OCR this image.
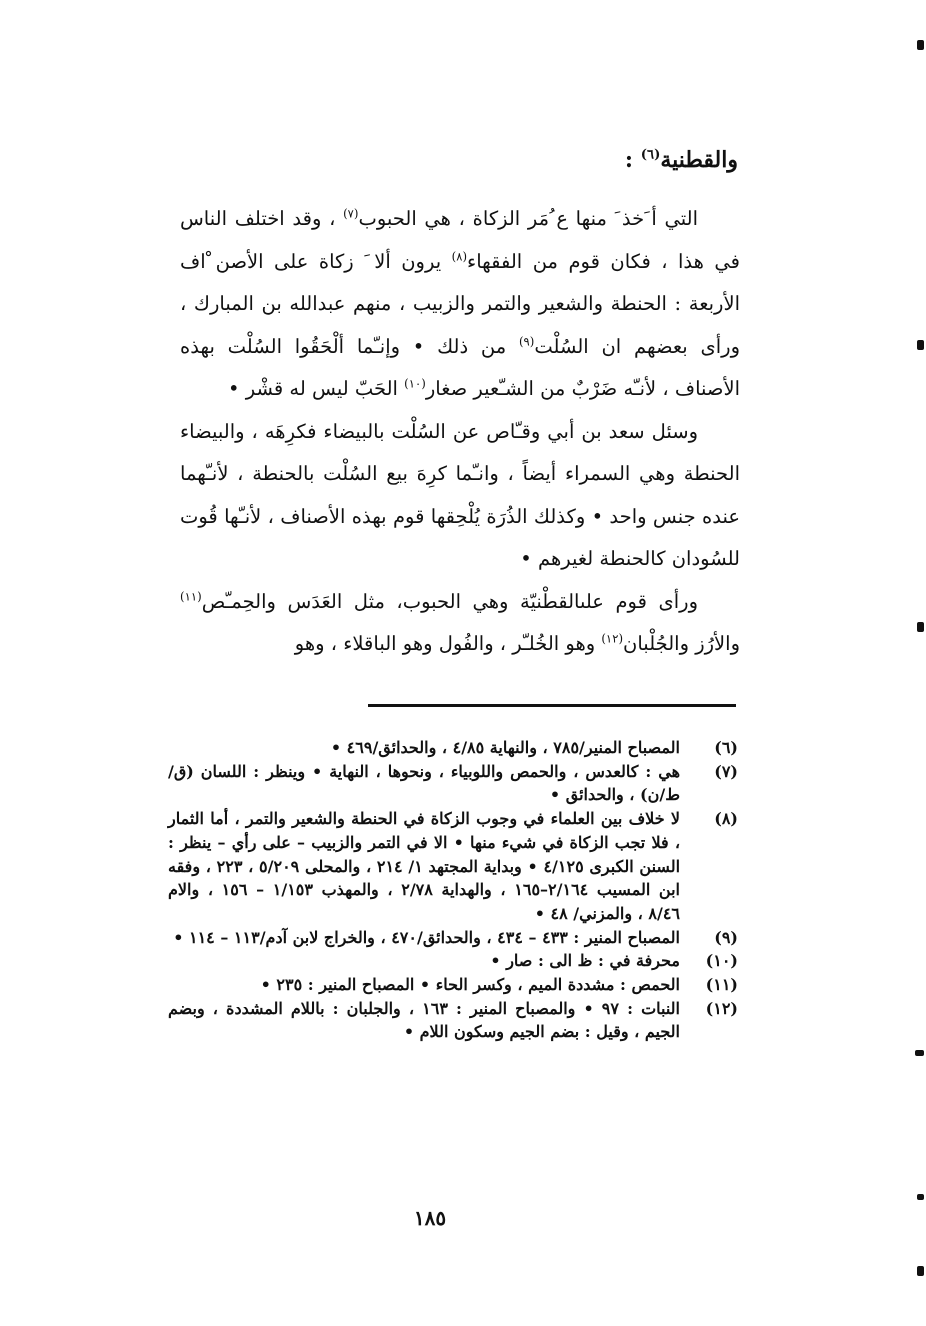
والقطنية$^{(٦)}$ :

التي أ َخذ َ منها ع ُمَر الزكاة ، هي الحبوب$^{(٧)}$ ، وقد اختلف الناس في هذا ، فكان قوم من الفقهاء$^{(٨)}$ يرون ألا َ زكاة على الأصن ْاف الأربعة : الحنطة والشعير والتمر والزبيب ، منهم عبدالله بن المبارك ، ورأى بعضهم ان السُلْت$^{(٩)}$ من ذلك • وإنـّما ألْحَقُوا السُلْت بهذه الأصناف ، لأنـّه ضَرْبٌ من الشـّعير صغار$^{(١٠)}$ الحَبّ ليس له قشْر •

وسئل سعد بن أبي وقـّاص عن السُلْت بالبيضاء فكرِهَه ، والبيضاء الحنطة وهي السمراء أيضاً ، وانـّما كرِهَ بيع السُلْت بالحنطة ، لأنـّهما عنده جنس واحد • وكذلك الذُرَة يُلْحِقها قوم بهذه الأصناف ، لأنـّها قُوت للسُودان كالحنطة لغيرهم •

ورأى قوم علىالقطْنيّة وهي الحبوب، مثل العَدَس والحِمـّص$^{(١١)}$ والأرُز والجُلْبان$^{(١٢)}$ وهو الخُلـّر ، والفُول وهو الباقلاء ، وهو

(٦)
المصباح المنير/٧٨٥ ، والنهاية ٤/٨٥ ، والحدائق/٤٦٩ •
(٧)
هي : كالعدس ، والحمص واللوبياء ، ونحوها ، النهاية • وينظر : اللسان (ق/ط/ن) ، والحدائق •
(٨)
لا خلاف بين العلماء في وجوب الزكاة في الحنطة والشعير والتمر ، أما الثمار ، فلا تجب الزكاة في شيء منها • الا في التمر والزبيب – على رأي – ينظر : السنن الكبرى ٤/١٢٥ • وبداية المجتهد ١/ ٢١٤ ، والمحلى ٥/٢٠٩ ، ٢٢٣ ، وفقه ابن المسيب ٢/١٦٤–١٦٥ ، والهداية ٢/٧٨ ، والمهذب ١/١٥٣ – ١٥٦ ، والام ٨/٤٦ ، والمزني/ ٤٨ •
(٩)
المصباح المنير : ٤٣٣ – ٤٣٤ ، والحدائق/٤٧٠ ، والخراج لابن آدم/١١٣ – ١١٤ •
(١٠)
محرفة في : ظ الى : صار •
(١١)
الحمص : مشددة الميم ، وكسر الحاء • المصباح المنير : ٢٣٥ •
(١٢)
النبات : ٩٧ • والمصباح المنير : ١٦٣ ، والجلبان : باللام المشددة ، وبضم الجيم ، وقيل : بضم الجيم وسكون اللام •
١٨٥
